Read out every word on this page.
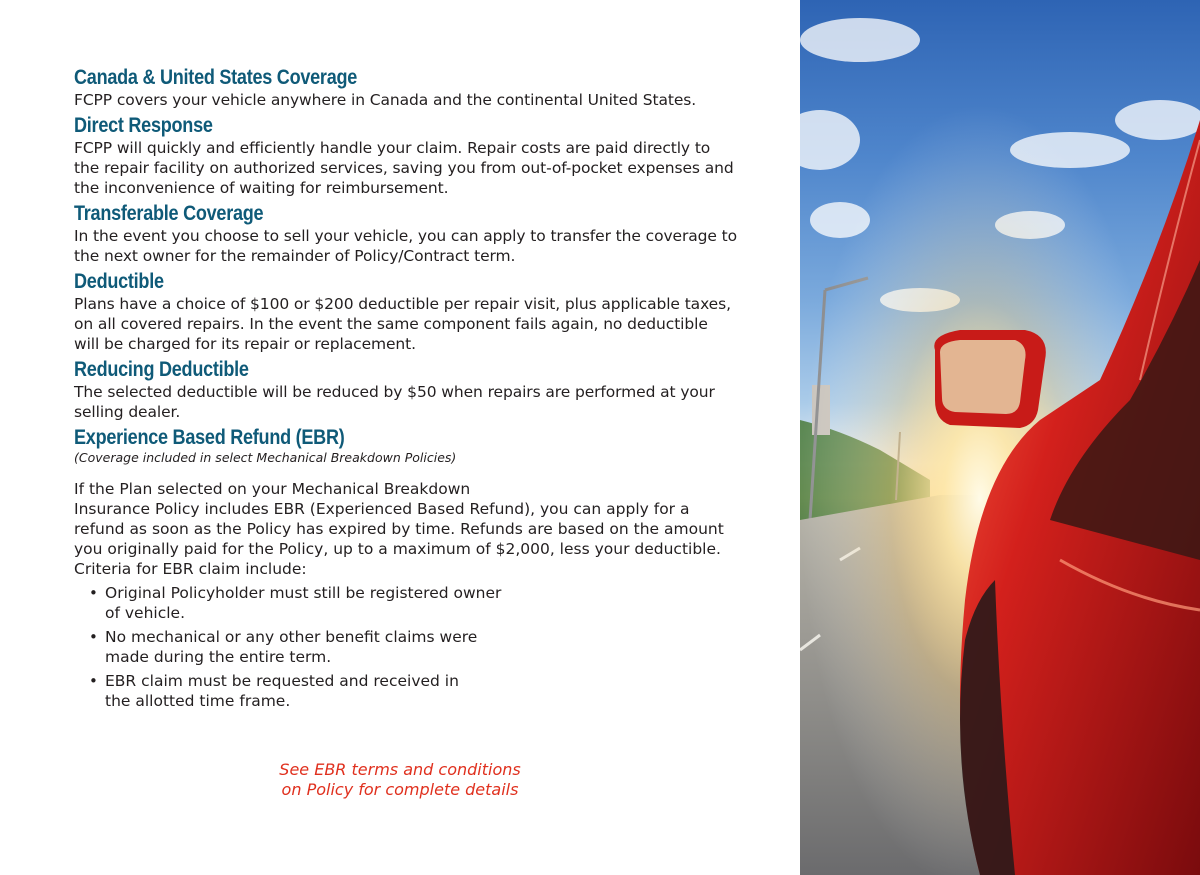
Canada & United States Coverage
FCPP covers your vehicle anywhere in Canada and the continental United States.
Direct Response
FCPP will quickly and efficiently handle your claim. Repair costs are paid directly to
the repair facility on authorized services, saving you from out-of-pocket expenses and
the inconvenience of waiting for reimbursement.
Transferable Coverage
In the event you choose to sell your vehicle, you can apply to transfer the coverage to
the next owner for the remainder of Policy/Contract term.
Deductible
Plans have a choice of $100 or $200 deductible per repair visit, plus applicable taxes,
on all covered repairs. In the event the same component fails again, no deductible
will be charged for its repair or replacement.
Reducing Deductible
The selected deductible will be reduced by $50 when repairs are performed at your
selling dealer.
Experience Based Refund (EBR)
(Coverage included in select Mechanical Breakdown Policies)
If the Plan selected on your Mechanical Breakdown
Insurance Policy includes EBR (Experienced Based Refund), you can apply for a
refund as soon as the Policy has expired by time. Refunds are based on the amount
you originally paid for the Policy, up to a maximum of $2,000, less your deductible.
Criteria for EBR claim include:
• Original Policyholder must still be registered owner
of vehicle.
• No mechanical or any other benefit claims were
made during the entire term.
• EBR claim must be requested and received in
the allotted time frame.
See EBR terms and conditions
on Policy for complete details
